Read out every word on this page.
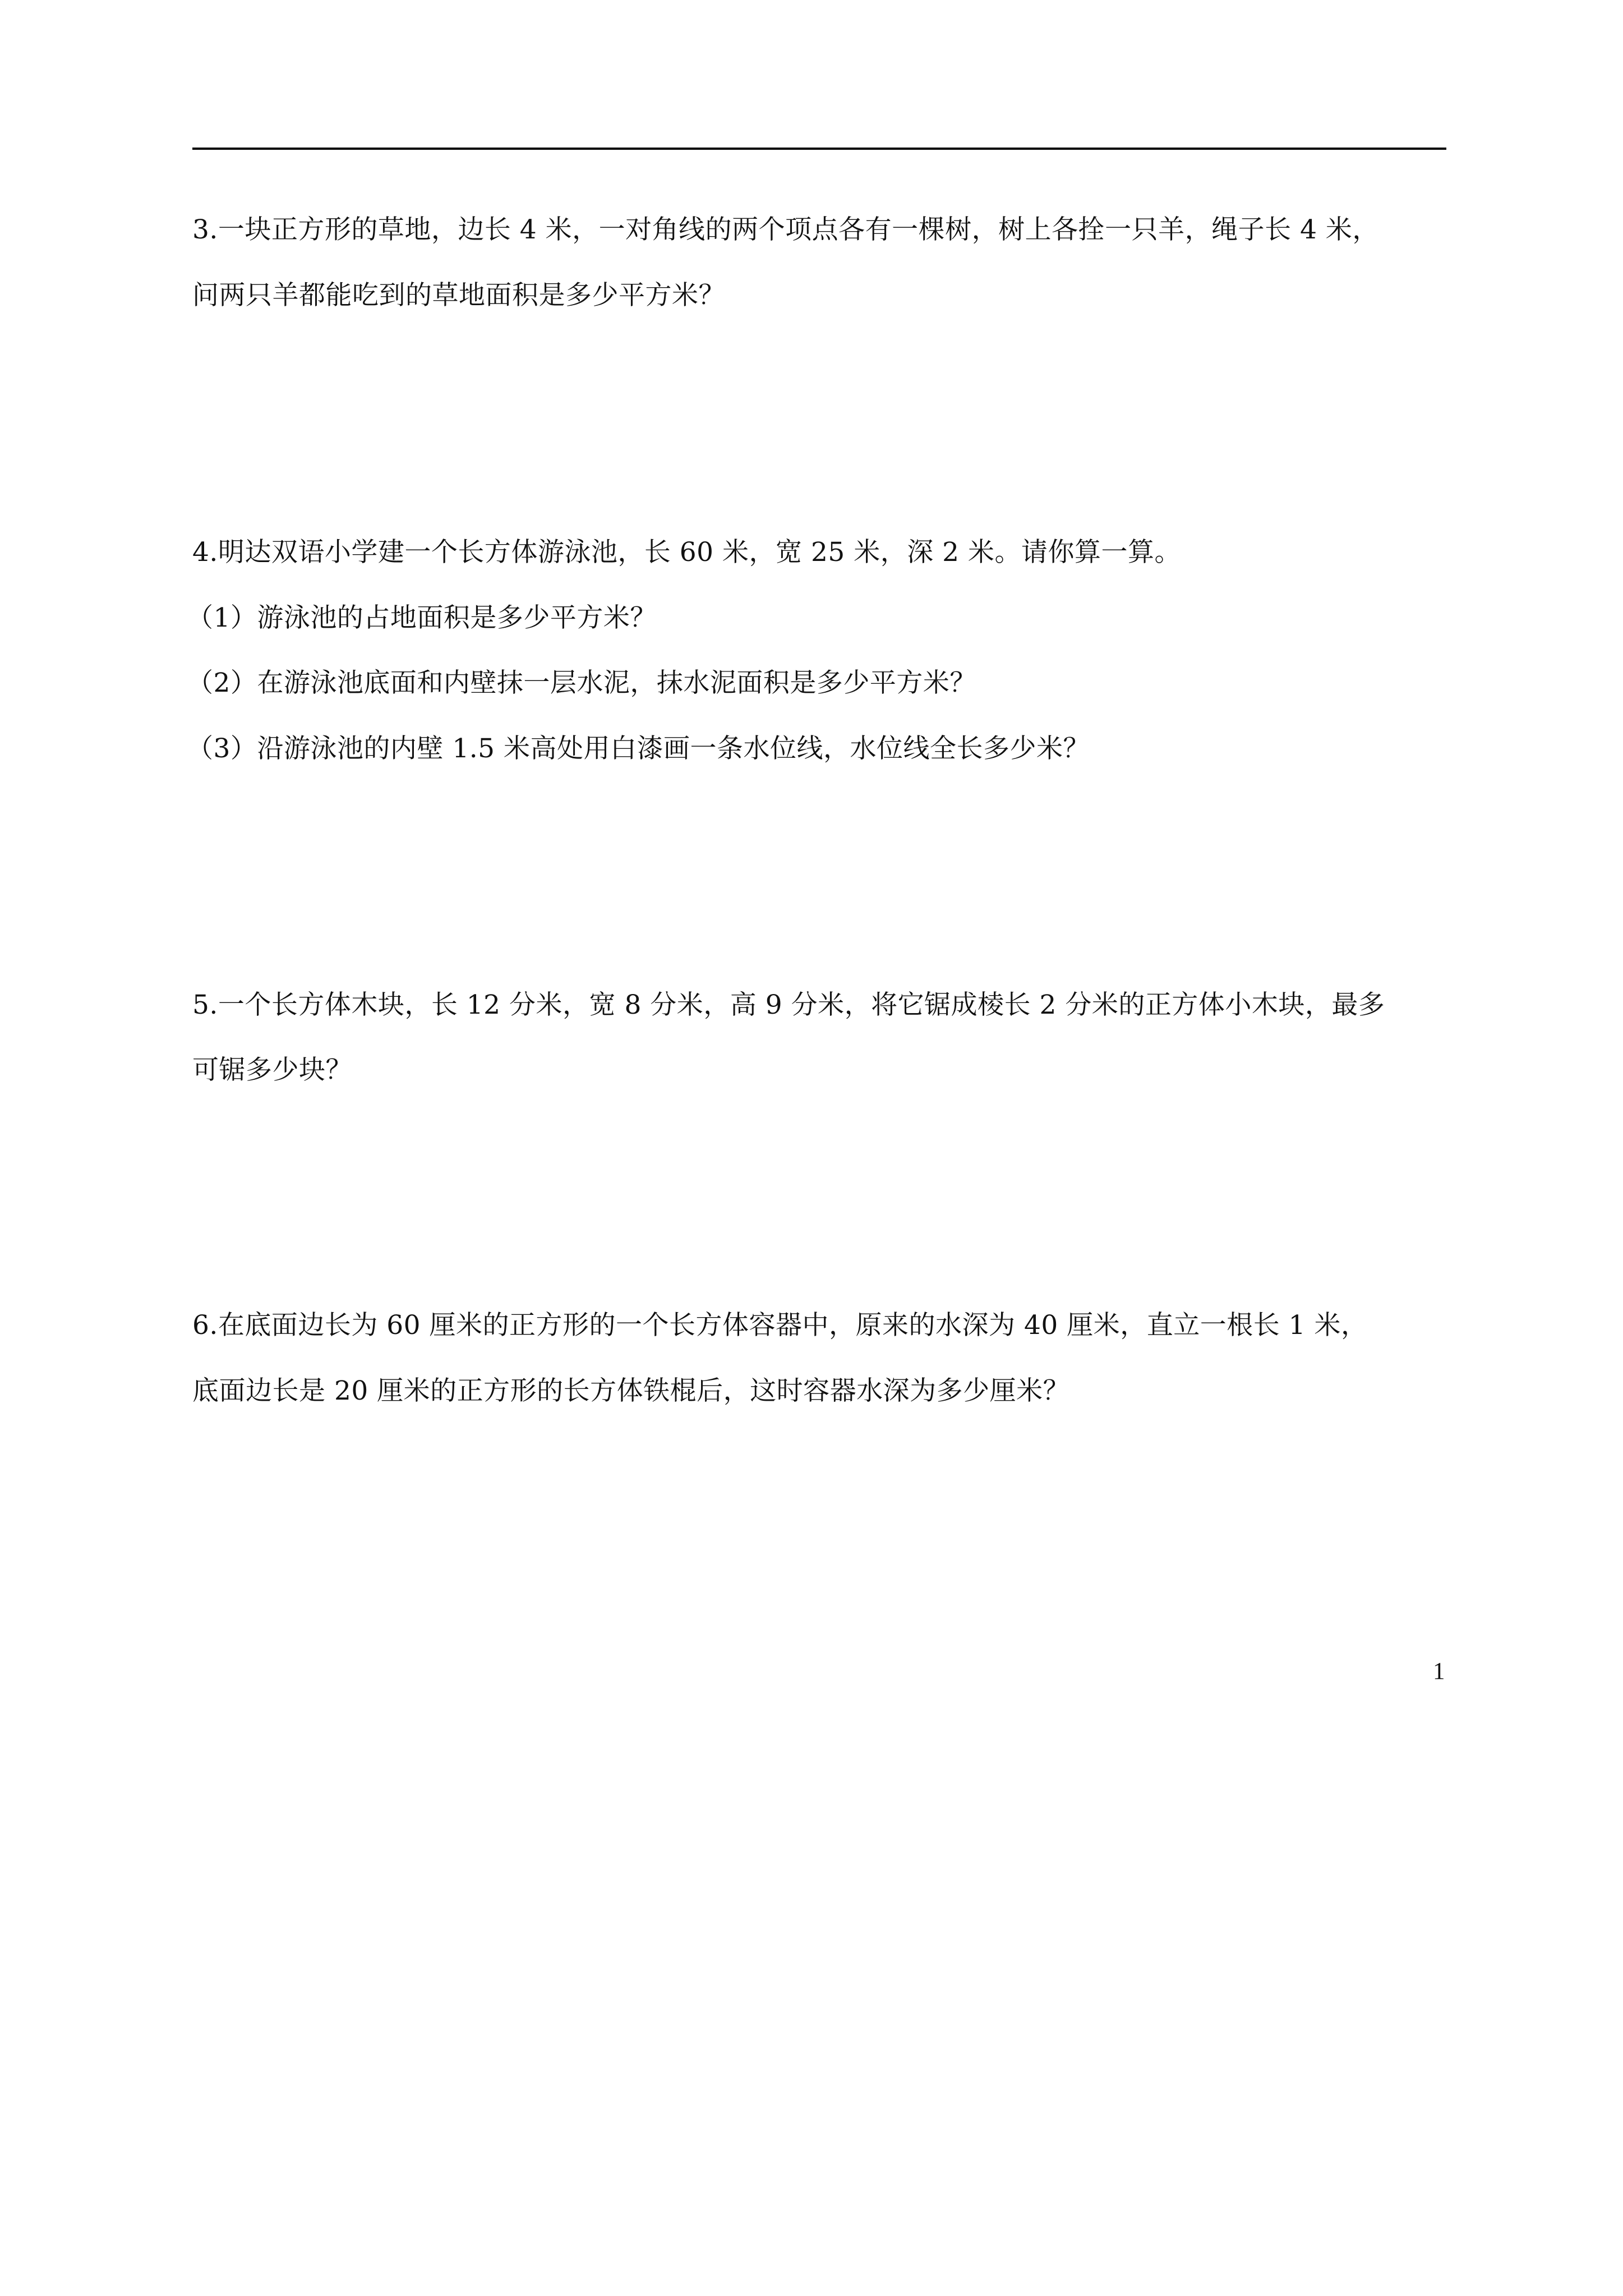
3.一块正方形的草地，边长 4 米，一对角线的两个项点各有一棵树，树上各拴一只羊，绳子长 4 米，
问两只羊都能吃到的草地面积是多少平方米？
4.明达双语小学建一个长方体游泳池，长 60 米，宽 25 米，深 2 米。请你算一算。
（1）游泳池的占地面积是多少平方米？
（2）在游泳池底面和内壁抹一层水泥，抹水泥面积是多少平方米？
（3）沿游泳池的内壁 1.5 米高处用白漆画一条水位线，水位线全长多少米？
5.一个长方体木块，长 12 分米，宽 8 分米，高 9 分米，将它锯成棱长 2 分米的正方体小木块，最多
可锯多少块？
6.在底面边长为 60 厘米的正方形的一个长方体容器中，原来的水深为 40 厘米，直立一根长 1 米，
底面边长是 20 厘米的正方形的长方体铁棍后，这时容器水深为多少厘米？
1
